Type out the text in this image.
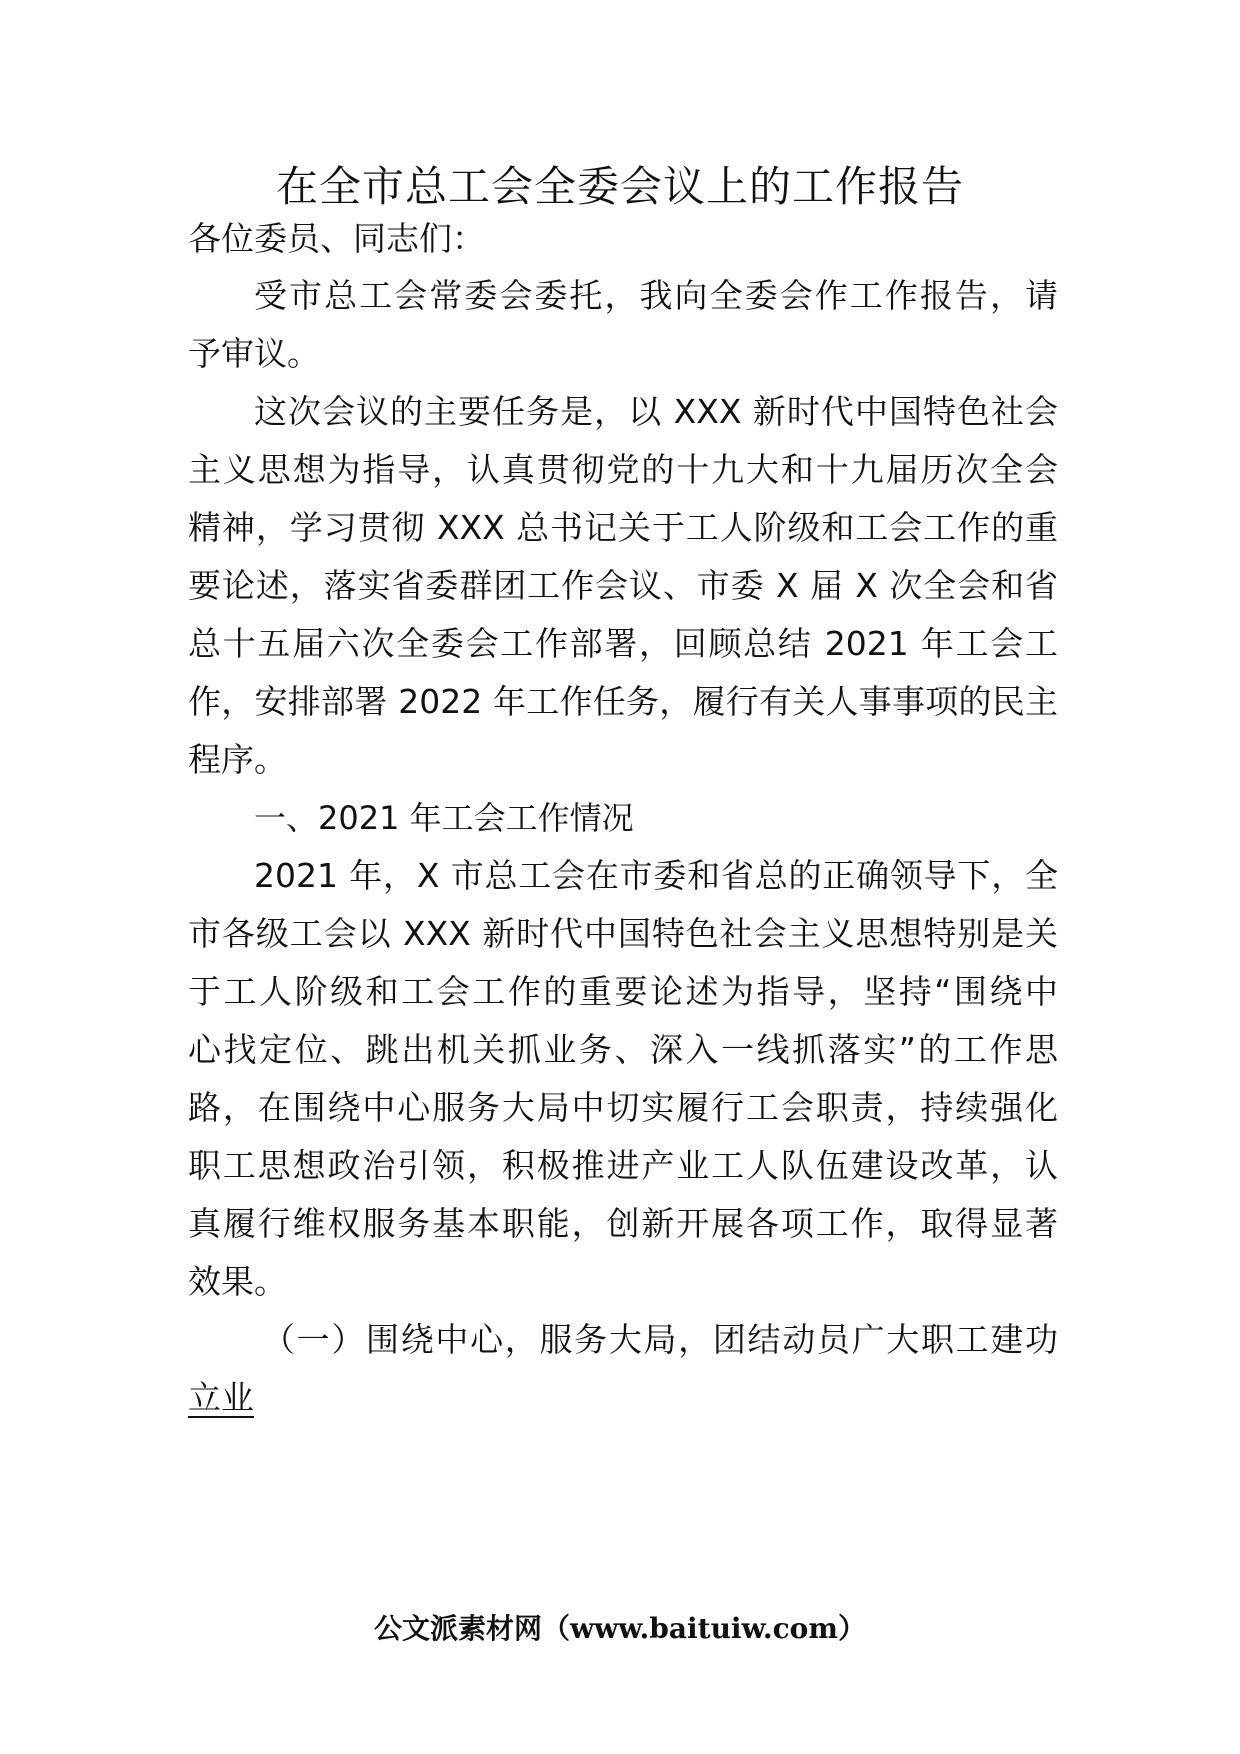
在全市总工会全委会议上的工作报告

各位委员、同志们：

受市总工会常委会委托，我向全委会作工作报告，请

予审议。

这次会议的主要任务是，以 XXX 新时代中国特色社会

主义思想为指导，认真贯彻党的十九大和十九届历次全会

精神，学习贯彻 XXX 总书记关于工人阶级和工会工作的重

要论述，落实省委群团工作会议、市委 X 届 X 次全会和省

总十五届六次全委会工作部署，回顾总结 2021 年工会工

作，安排部署 2022 年工作任务，履行有关人事事项的民主

程序。

一、2021 年工会工作情况

2021 年，X 市总工会在市委和省总的正确领导下，全

市各级工会以 XXX 新时代中国特色社会主义思想特别是关

于工人阶级和工会工作的重要论述为指导，坚持“围绕中

心找定位、跳出机关抓业务、深入一线抓落实”的工作思

路，在围绕中心服务大局中切实履行工会职责，持续强化

职工思想政治引领，积极推进产业工人队伍建设改革，认

真履行维权服务基本职能，创新开展各项工作，取得显著

效果。

（一）围绕中心，服务大局，团结动员广大职工建功

立业

公文派素材网（www.baituiw.com）
